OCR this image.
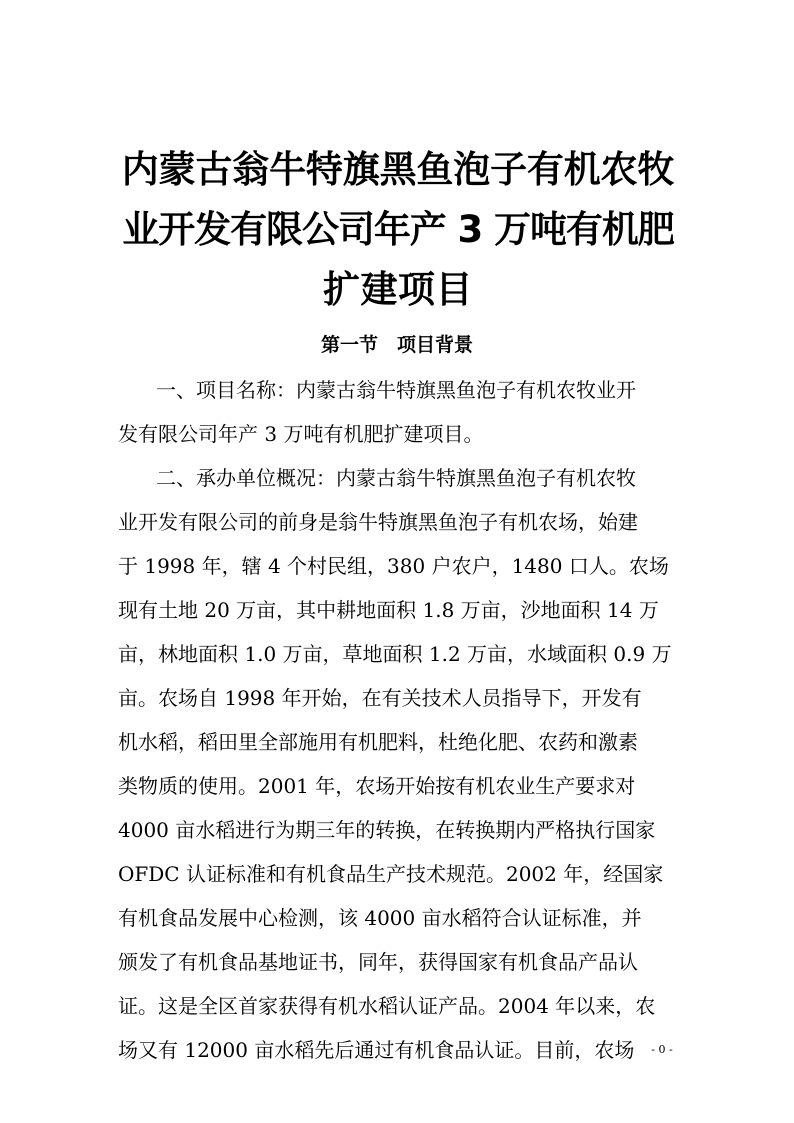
内蒙古翁牛特旗黑鱼泡子有机农牧
业开发有限公司年产 3 万吨有机肥
扩建项目
第一节　项目背景
一、项目名称：内蒙古翁牛特旗黑鱼泡子有机农牧业开
发有限公司年产 3 万吨有机肥扩建项目。
二、承办单位概况：内蒙古翁牛特旗黑鱼泡子有机农牧
业开发有限公司的前身是翁牛特旗黑鱼泡子有机农场，始建
于 1998 年，辖 4 个村民组，380 户农户，1480 口人。农场
现有土地 20 万亩，其中耕地面积 1.8 万亩，沙地面积 14 万
亩，林地面积 1.0 万亩，草地面积 1.2 万亩，水域面积 0.9 万
亩。农场自 1998 年开始，在有关技术人员指导下，开发有
机水稻，稻田里全部施用有机肥料，杜绝化肥、农药和激素
类物质的使用。2001 年，农场开始按有机农业生产要求对
4000 亩水稻进行为期三年的转换，在转换期内严格执行国家
OFDC 认证标准和有机食品生产技术规范。2002 年，经国家
有机食品发展中心检测，该 4000 亩水稻符合认证标准，并
颁发了有机食品基地证书，同年，获得国家有机食品产品认
证。这是全区首家获得有机水稻认证产品。2004 年以来，农
场又有 12000 亩水稻先后通过有机食品认证。目前，农场	- 0 -
